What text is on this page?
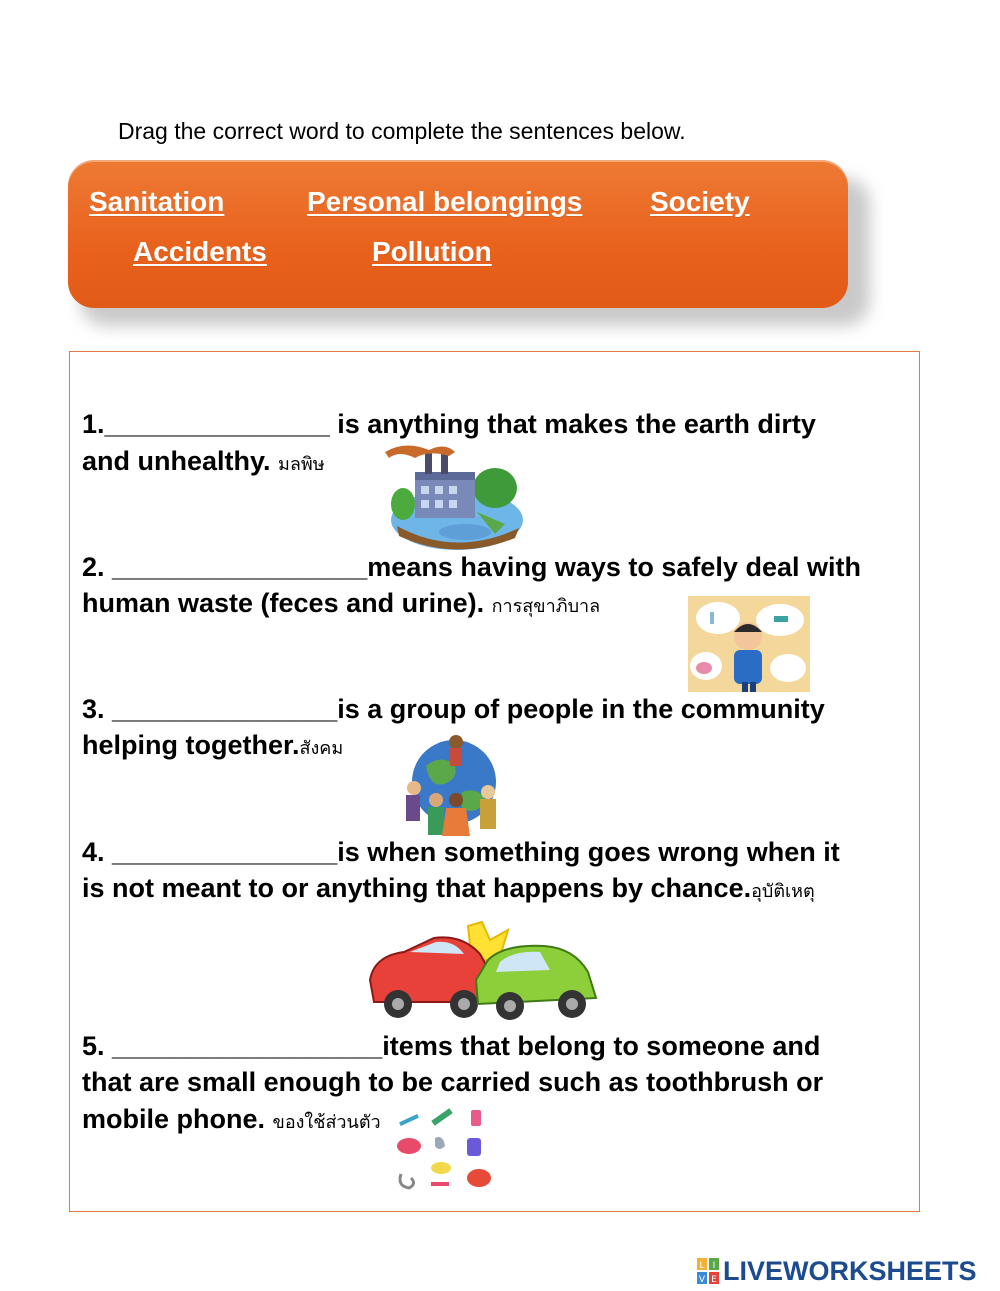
Drag the correct word to complete the sentences below.
Sanitation	Personal belongings Society
Accidents	Pollution
1._______________ is anything that makes the earth dirty
and unhealthy. มลพิษ
2. _________________means having ways to safely deal with
human waste (feces and urine). การสุขาภิบาล
3. _______________is a group of people in the community
helping together.สังคม
4. _______________is when something goes wrong when it
is not meant to or anything that happens by chance.อุบัติเหตุ
5. __________________items that belong to someone and
that are small enough to be carried such as toothbrush or
mobile phone. ของใช้ส่วนตัว
L I
V E LIVEWORKSHEETS
